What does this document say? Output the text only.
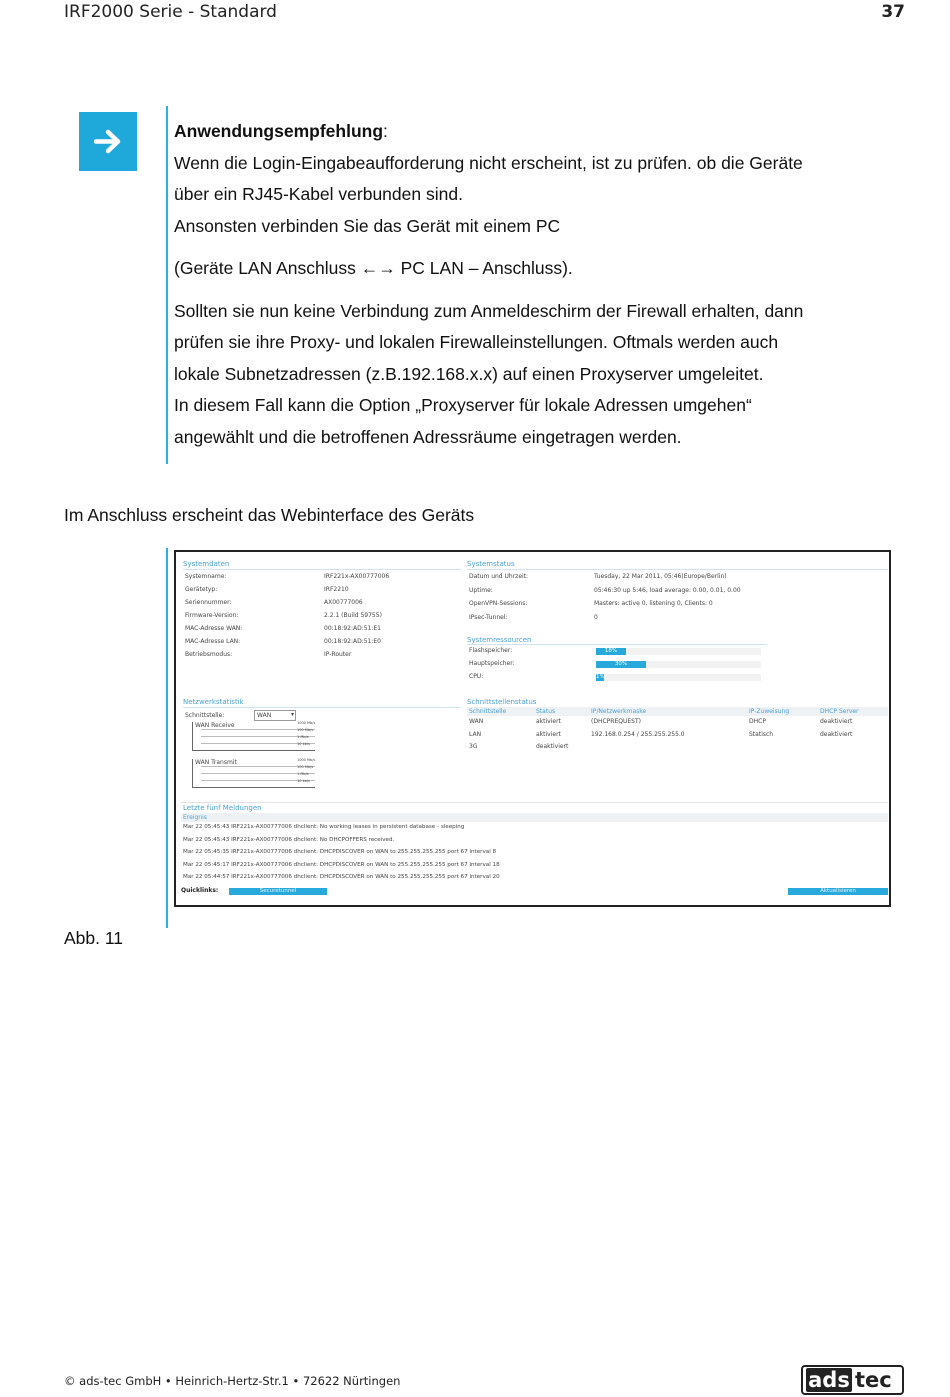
IRF2000 Serie - Standard	37

Anwendungsempfehlung:

Wenn die Login-Eingabeaufforderung nicht erscheint, ist zu prüfen. ob die Geräte

über ein RJ45-Kabel verbunden sind.

Ansonsten verbinden Sie das Gerät mit einem PC

(Geräte LAN Anschluss ←→ PC LAN – Anschluss).

Sollten sie nun keine Verbindung zum Anmeldeschirm der Firewall erhalten, dann

prüfen sie ihre Proxy- und lokalen Firewalleinstellungen. Oftmals werden auch

lokale Subnetzadressen (z.B.192.168.x.x) auf einen Proxyserver umgeleitet.

In diesem Fall kann die Option „Proxyserver für lokale Adressen umgehen“

angewählt und die betroffenen Adressräume eingetragen werden.

Im Anschluss erscheint das Webinterface des Geräts
Systemdaten	Systemstatus
Systemressourcen
Netzwerkstatistik
Schnittstelle:	WAN	▾
WAN Receive	1000 Mb/s
100 Mb/s
1 Mb/s
10 kb/s
WAN Transmit	1000 Mb/s
100 Mb/s
1 Mb/s
10 kb/s
Schnittstellenstatus
Letzte fünf Meldungen
Ereignis
Quicklinks:	Securetunnel	Aktualisieren
Systemname:	IRF221x-AX00777006
Gerätetyp:	IRF2210
Seriennummer:	AX00777006
Firmware-Version:	2.2.1 (Build 59755)
MAC-Adresse WAN:	00:18:92:AD:51:E1
MAC-Adresse LAN:	00:18:92:AD:51:E0
Betriebsmodus:	IP-Router
Datum und Uhrzeit:	Tuesday, 22 Mar 2011, 05:46(Europe/Berlin)
Uptime:	05:46:30 up 5:46, load average: 0.00, 0.01, 0.00
OpenVPN-Sessions:	Masters: active 0, listening 0, Clients: 0
IPsec-Tunnel:	0
Flashspeicher:	18%
Hauptspeicher:	30%
CPU:	1%
Schnittstelle	Status	IP/Netzwerkmaske	IP-Zuweisung	DHCP Server
WAN	aktiviert	(DHCPREQUEST)	DHCP	deaktiviert
LAN	aktiviert	192.168.0.254 / 255.255.255.0	Statisch	deaktiviert
3G	deaktiviert
Mar 22 05:45:43 IRF221x-AX00777006 dhclient: No working leases in persistent database - sleeping
Mar 22 05:45:43 IRF221x-AX00777006 dhclient: No DHCPOFFERS received.
Mar 22 05:45:35 IRF221x-AX00777006 dhclient: DHCPDISCOVER on WAN to 255.255.255.255 port 67 interval 8
Mar 22 05:45:17 IRF221x-AX00777006 dhclient: DHCPDISCOVER on WAN to 255.255.255.255 port 67 interval 18
Mar 22 05:44:57 IRF221x-AX00777006 dhclient: DHCPDISCOVER on WAN to 255.255.255.255 port 67 interval 20
Abb. 11
© ads-tec GmbH • Heinrich-Hertz-Str.1 • 72622 Nürtingen	ads tec
